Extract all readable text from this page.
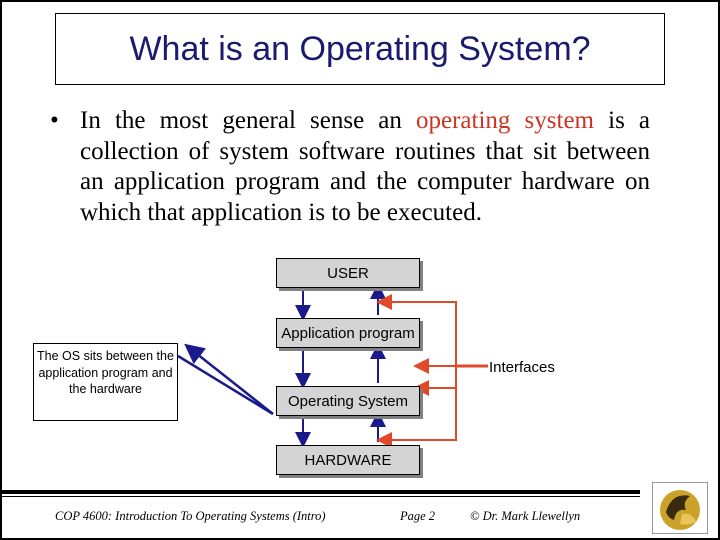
What is an Operating System?
• In the most general sense an operating system is a collection of system software routines that sit between an application program and the computer hardware on which that application is to be executed.
USER
Application program
Operating System
HARDWARE
Interfaces
The OS sits between the application program and the hardware
COP 4600: Introduction To Operating Systems (Intro)	Page 2	© Dr. Mark Llewellyn
